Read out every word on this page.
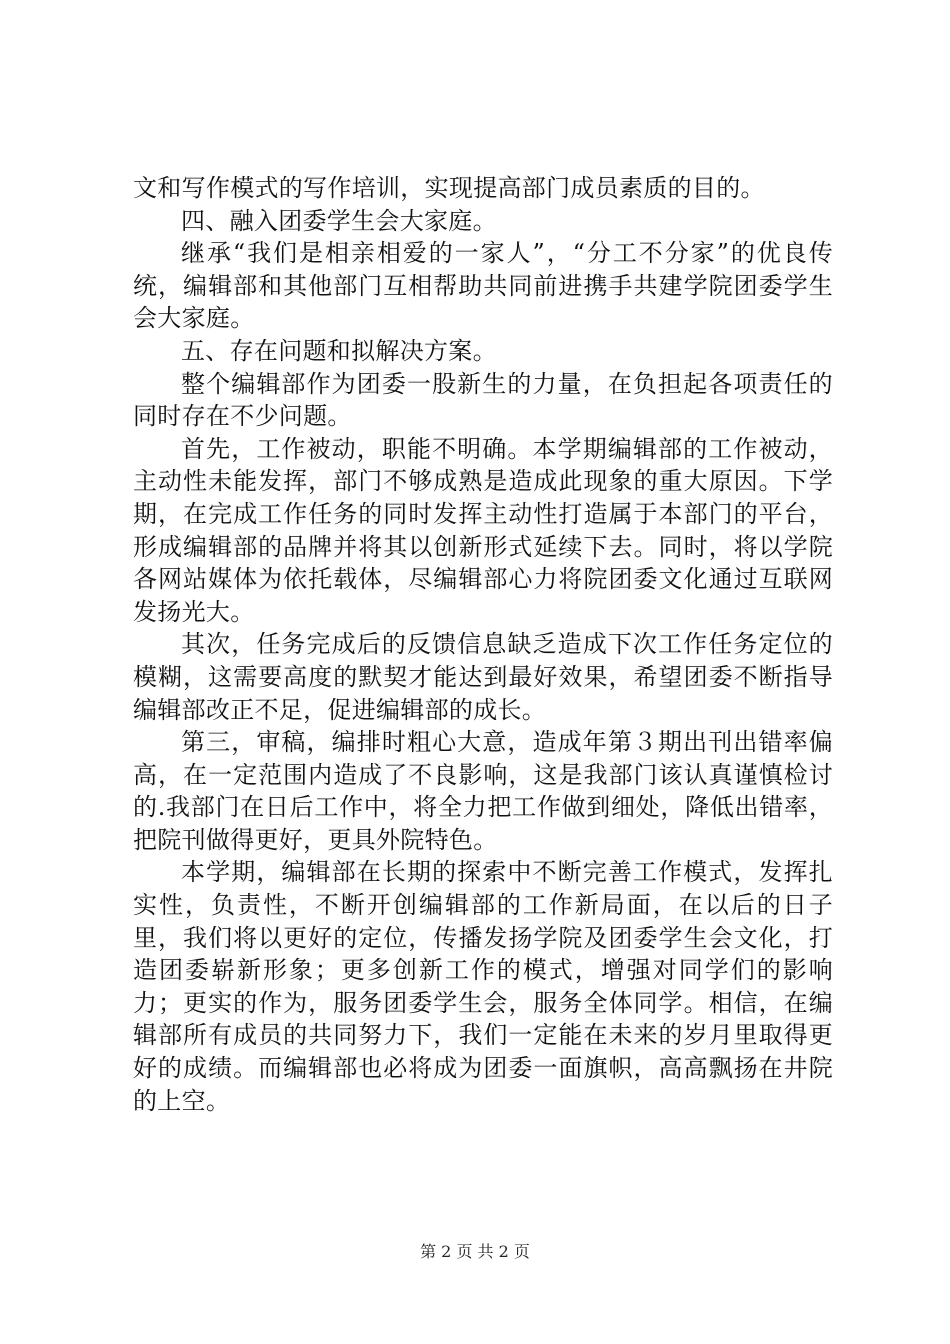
文和写作模式的写作培训，实现提高部门成员素质的目的。

四、融入团委学生会大家庭。

继承“我们是相亲相爱的一家人”，“分工不分家”的优良传统，编辑部和其他部门互相帮助共同前进携手共建学院团委学生会大家庭。

五、存在问题和拟解决方案。

整个编辑部作为团委一股新生的力量，在负担起各项责任的同时存在不少问题。

首先，工作被动，职能不明确。本学期编辑部的工作被动，主动性未能发挥，部门不够成熟是造成此现象的重大原因。下学期，在完成工作任务的同时发挥主动性打造属于本部门的平台，形成编辑部的品牌并将其以创新形式延续下去。同时，将以学院各网站媒体为依托载体，尽编辑部心力将院团委文化通过互联网发扬光大。

其次，任务完成后的反馈信息缺乏造成下次工作任务定位的模糊，这需要高度的默契才能达到最好效果，希望团委不断指导编辑部改正不足，促进编辑部的成长。

第三，审稿，编排时粗心大意，造成年第３期出刊出错率偏高，在一定范围内造成了不良影响，这是我部门该认真谨慎检讨的.我部门在日后工作中，将全力把工作做到细处，降低出错率，把院刊做得更好，更具外院特色。

本学期，编辑部在长期的探索中不断完善工作模式，发挥扎实性，负责性，不断开创编辑部的工作新局面，在以后的日子里，我们将以更好的定位，传播发扬学院及团委学生会文化，打造团委崭新形象；更多创新工作的模式，增强对同学们的影响力；更实的作为，服务团委学生会，服务全体同学。相信，在编辑部所有成员的共同努力下，我们一定能在未来的岁月里取得更好的成绩。而编辑部也必将成为团委一面旗帜，高高飘扬在井院的上空。

第 2 页 共 2 页
